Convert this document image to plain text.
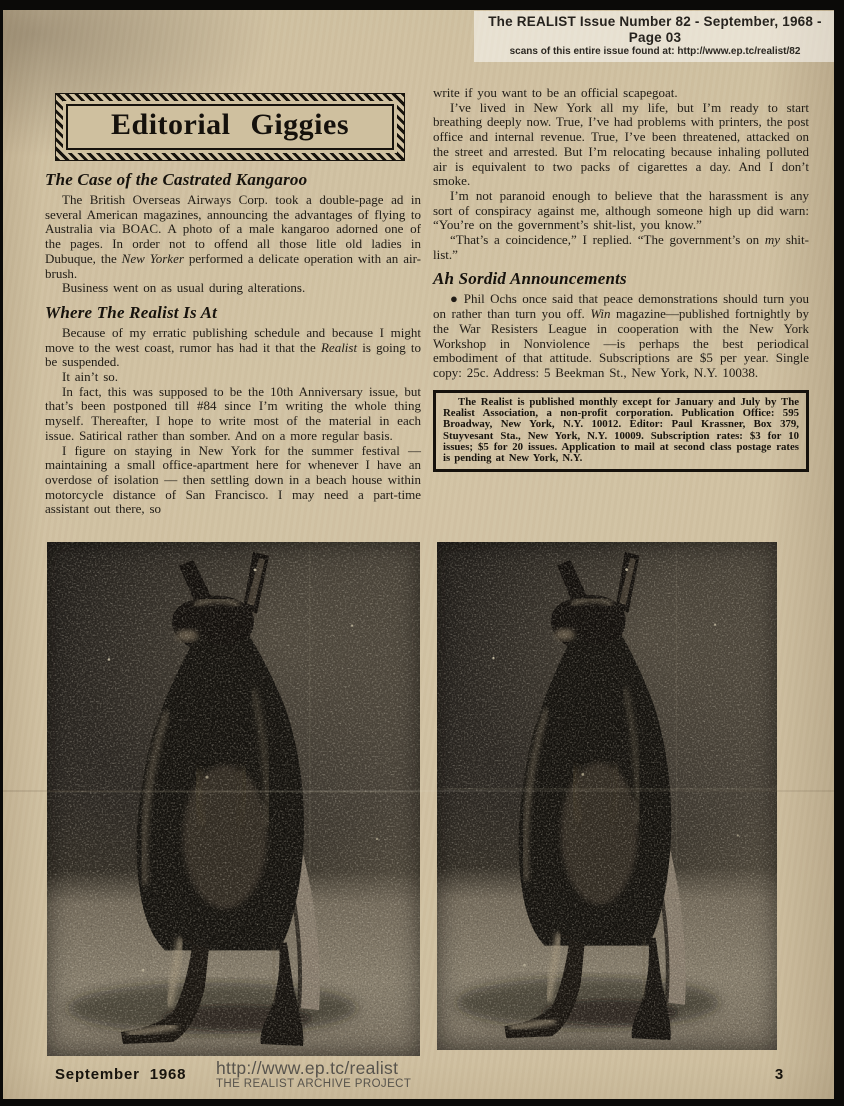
The REALIST Issue Number 82 - September, 1968 - Page 03
scans of this entire issue found at: http://www.ep.tc/realist/82
Editorial Giggies
The Case of the Castrated Kangaroo

The British Overseas Airways Corp. took a double-page ad in several American magazines, announcing the advantages of flying to Australia via BOAC. A photo of a male kangaroo adorned one of the pages. In order not to offend all those litle old ladies in Dubuque, the New Yorker performed a delicate operation with an air-brush.

Business went on as usual during alterations.

Where The Realist Is At

Because of my erratic publishing schedule and because I might move to the west coast, rumor has had it that the Realist is going to be suspended.

It ain’t so.

In fact, this was supposed to be the 10th Anniversary issue, but that’s been postponed till #84 since I’m writing the whole thing myself. Thereafter, I hope to write most of the material in each issue. Satirical rather than somber. And on a more regular basis.

I figure on staying in New York for the summer festival — maintaining a small office-apartment here for whenever I have an overdose of isolation — then settling down in a beach house within motorcycle distance of San Francisco. I may need a part-time assistant out there, so

write if you want to be an official scapegoat.

I’ve lived in New York all my life, but I’m ready to start breathing deeply now. True, I’ve had problems with printers, the post office and internal revenue. True, I’ve been threatened, attacked on the street and arrested. But I’m relocating because inhaling polluted air is equivalent to two packs of cigarettes a day. And I don’t smoke.

I’m not paranoid enough to believe that the harassment is any sort of conspiracy against me, although someone high up did warn: “You’re on the government’s shit-list, you know.”

“That’s a coincidence,” I replied. “The government’s on my shit-list.”

Ah Sordid Announcements

● Phil Ochs once said that peace demonstrations should turn you on rather than turn you off. Win magazine—published fortnightly by the War Resisters League in cooperation with the New York Workshop in Nonviolence —is perhaps the best periodical embodiment of that attitude. Subscriptions are $5 per year. Single copy: 25c. Address: 5 Beekman St., New York, N.Y. 10038.

The Realist is published monthly except for January and July by The Realist Association, a non-profit corporation. Publication Office: 595 Broadway, New York, N.Y. 10012. Editor: Paul Krassner, Box 379, Stuyvesant Sta., New York, N.Y. 10009. Subscription rates: $3 for 10 issues; $5 for 20 issues. Application to mail at second class postage rates is pending at New York, N.Y.
September 1968 http://www.ep.tc/realist
THE REALIST ARCHIVE PROJECT
3
